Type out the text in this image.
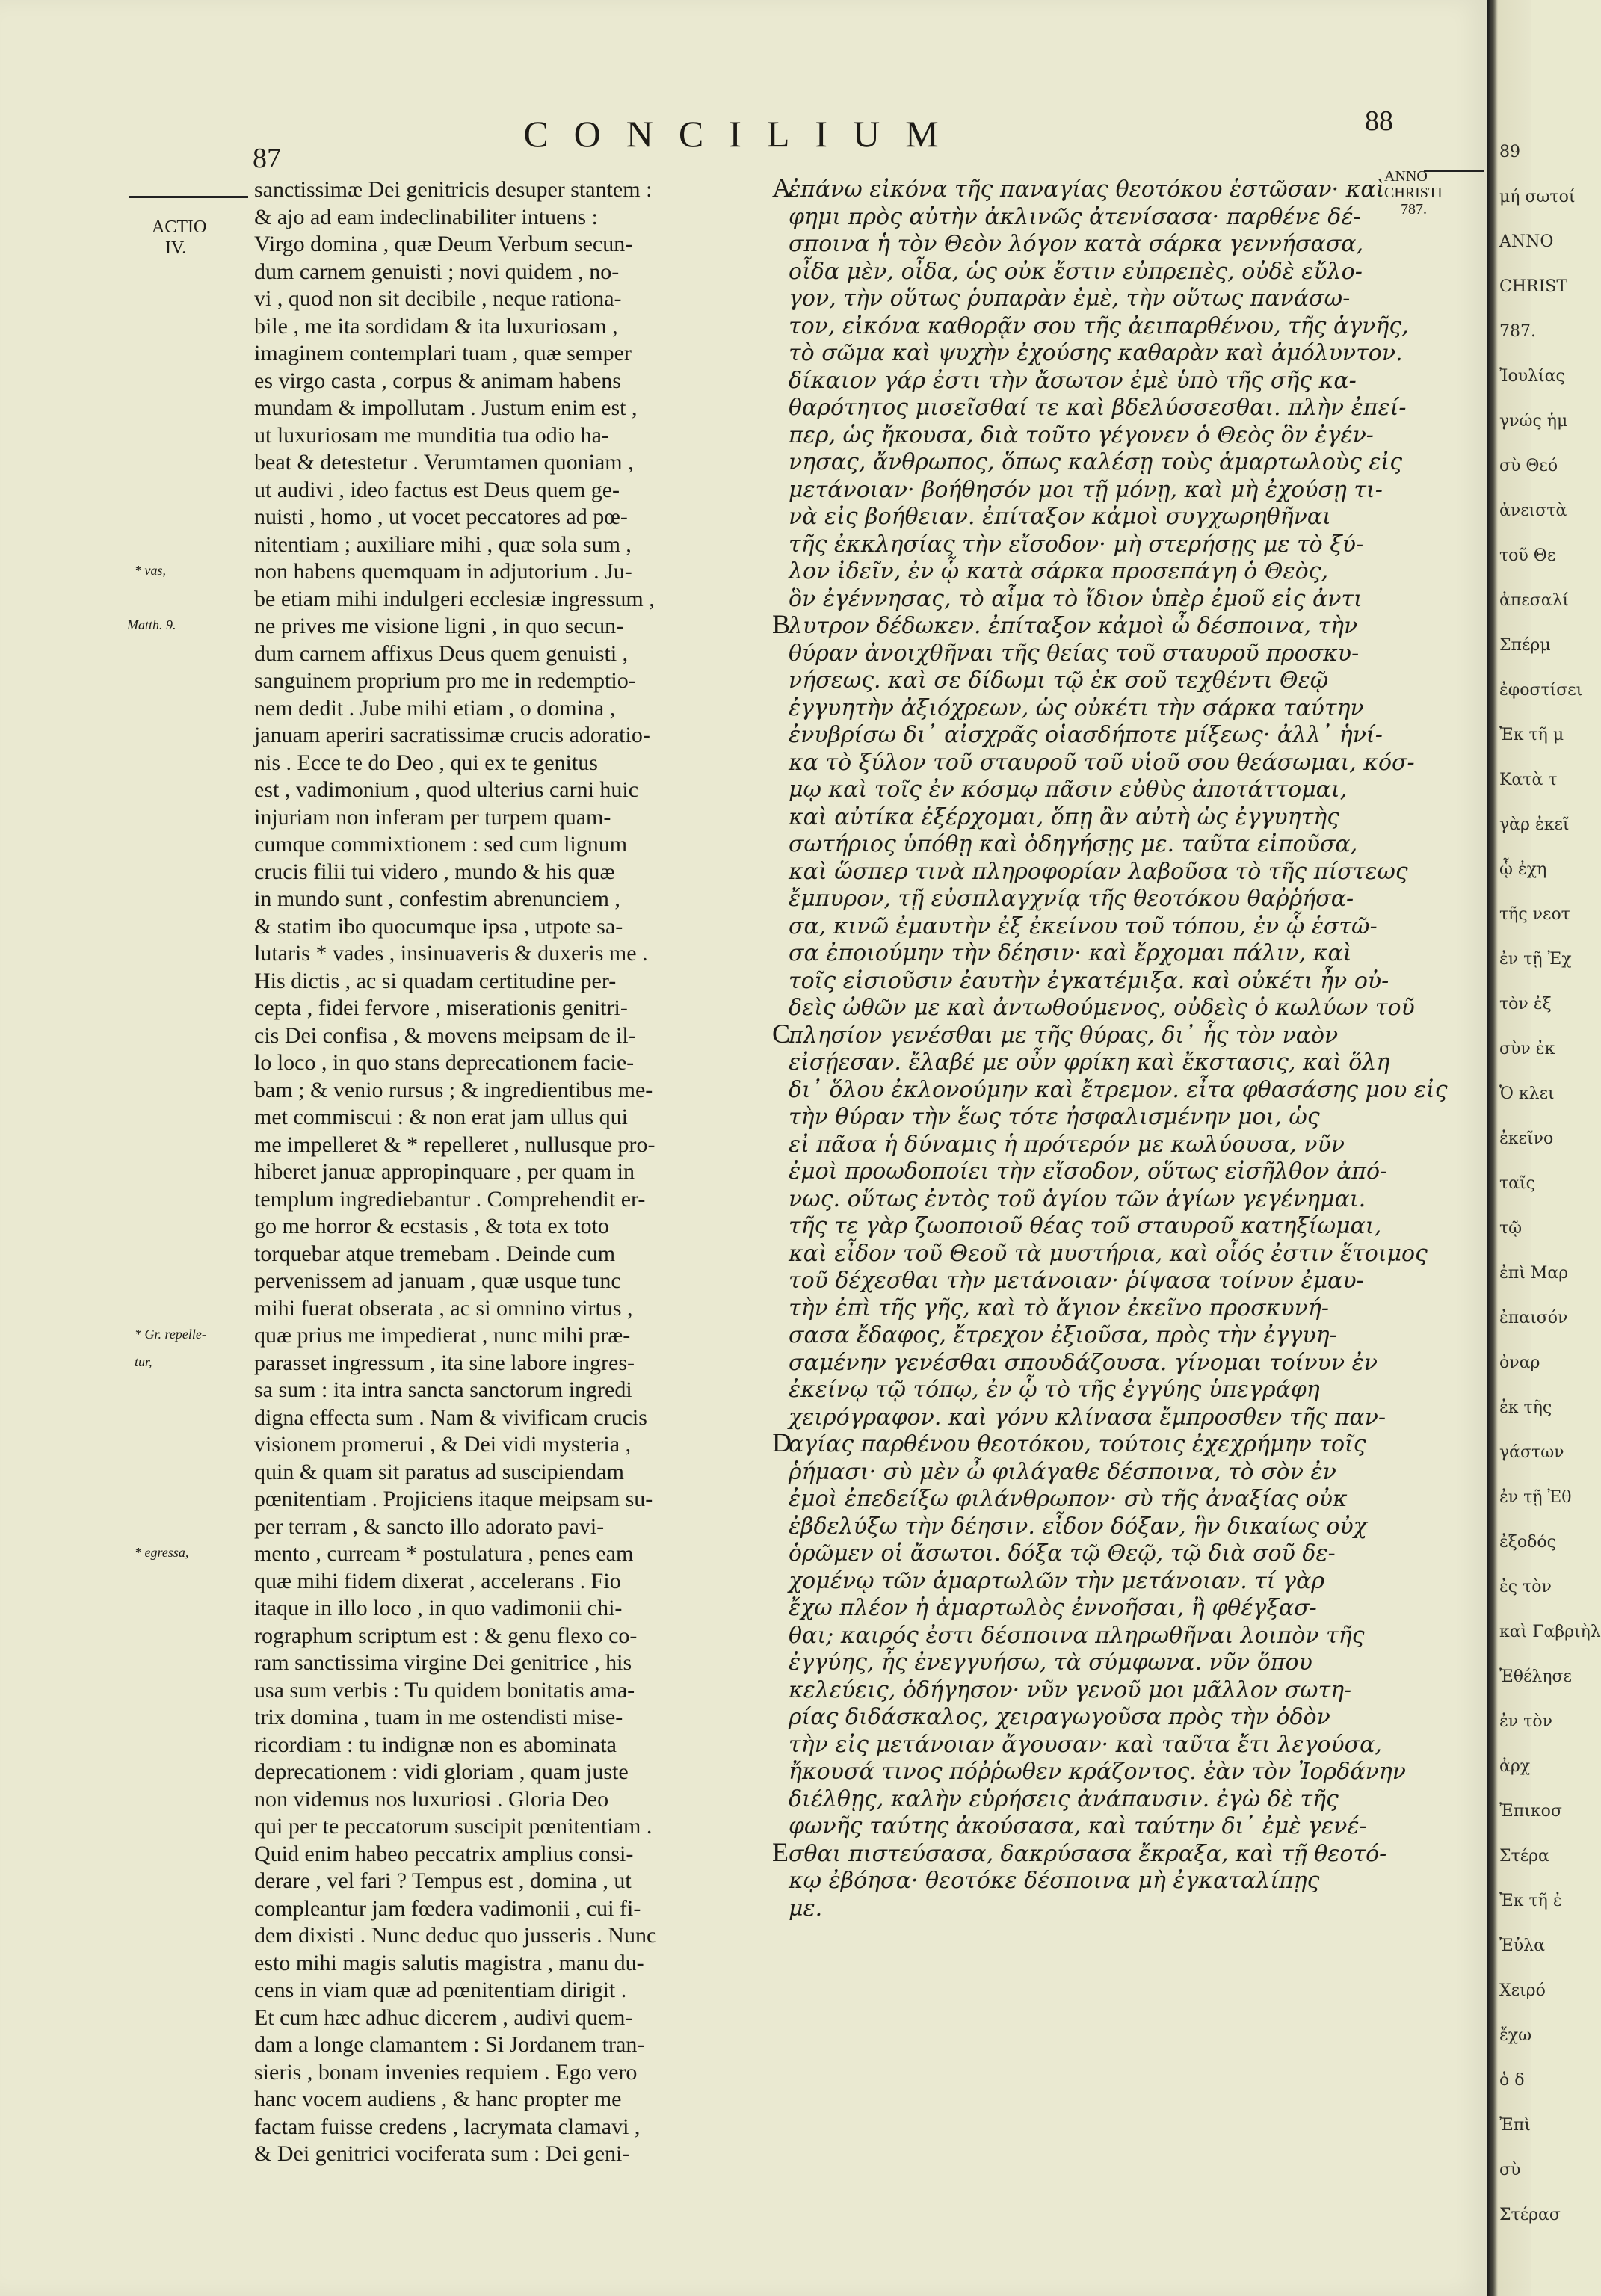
CONCILIUM
87
88
ACTIO
IV.
ANNO
CHRISTI
787.
Matth. 9.
* vas,
* Gr. repelle-
tur,
* egressa,
A
B
C
D
E
sanctissimæ Dei genitricis desuper stantem :
& ajo ad eam indeclinabiliter intuens :
Virgo domina , quæ Deum Verbum secun-
dum carnem genuisti ; novi quidem , no-
vi , quod non sit decibile , neque rationa-
bile , me ita sordidam & ita luxuriosam ,
imaginem contemplari tuam , quæ semper
es virgo casta , corpus & animam habens
mundam & impollutam . Justum enim est ,
ut luxuriosam me munditia tua odio ha-
beat & detestetur . Verumtamen quoniam ,
ut audivi , ideo factus est Deus quem ge-
nuisti , homo , ut vocet peccatores ad pœ-
nitentiam ; auxiliare mihi , quæ sola sum ,
non habens quemquam in adjutorium . Ju-
be etiam mihi indulgeri ecclesiæ ingressum ,
ne prives me visione ligni , in quo secun-
dum carnem affixus Deus quem genuisti ,
sanguinem proprium pro me in redemptio-
nem dedit . Jube mihi etiam , o domina ,
januam aperiri sacratissimæ crucis adoratio-
nis . Ecce te do Deo , qui ex te genitus
est , vadimonium , quod ulterius carni huic
injuriam non inferam per turpem quam-
cumque commixtionem : sed cum lignum
crucis filii tui videro , mundo & his quæ
in mundo sunt , confestim abrenunciem ,
& statim ibo quocumque ipsa , utpote sa-
lutaris * vades , insinuaveris & duxeris me .
His dictis , ac si quadam certitudine per-
cepta , fidei fervore , miserationis genitri-
cis Dei confisa , & movens meipsam de il-
lo loco , in quo stans deprecationem facie-
bam ; & venio rursus ; & ingredientibus me-
met commiscui : & non erat jam ullus qui
me impelleret & * repelleret , nullusque pro-
hiberet januæ appropinquare , per quam in
templum ingrediebantur . Comprehendit er-
go me horror & ecstasis , & tota ex toto
torquebar atque tremebam . Deinde cum
pervenissem ad januam , quæ usque tunc
mihi fuerat obserata , ac si omnino virtus ,
quæ prius me impedierat , nunc mihi præ-
parasset ingressum , ita sine labore ingres-
sa sum : ita intra sancta sanctorum ingredi
digna effecta sum . Nam & vivificam crucis
visionem promerui , & Dei vidi mysteria ,
quin & quam sit paratus ad suscipiendam
pœnitentiam . Projiciens itaque meipsam su-
per terram , & sancto illo adorato pavi-
mento , curream * postulatura , penes eam
quæ mihi fidem dixerat , accelerans . Fio
itaque in illo loco , in quo vadimonii chi-
rographum scriptum est : & genu flexo co-
ram sanctissima virgine Dei genitrice , his
usa sum verbis : Tu quidem bonitatis ama-
trix domina , tuam in me ostendisti mise-
ricordiam : tu indignæ non es abominata
deprecationem : vidi gloriam , quam juste
non videmus nos luxuriosi . Gloria Deo
qui per te peccatorum suscipit pœnitentiam .
Quid enim habeo peccatrix amplius consi-
derare , vel fari ? Tempus est , domina , ut
compleantur jam fœdera vadimonii , cui fi-
dem dixisti . Nunc deduc quo jusseris . Nunc
esto mihi magis salutis magistra , manu du-
cens in viam quæ ad pœnitentiam dirigit .
Et cum hæc adhuc dicerem , audivi quem-
dam a longe clamantem : Si Jordanem tran-
sieris , bonam invenies requiem . Ego vero
hanc vocem audiens , & hanc propter me
factam fuisse credens , lacrymata clamavi ,
& Dei genitrici vociferata sum : Dei geni-
ἐπάνω εἰκόνα τῆς παναγίας θεοτόκου ἑστῶσαν· καὶ
φημι πρὸς αὐτὴν ἀκλινῶς ἀτενίσασα· παρθένε δέ-
σποινα ἡ τὸν Θεὸν λόγον κατὰ σάρκα γεννήσασα,
οἶδα μὲν, οἶδα, ὡς οὐκ ἔστιν εὐπρεπὲς, οὐδὲ εὔλο-
γον, τὴν οὕτως ῥυπαρὰν ἐμὲ, τὴν οὕτως πανάσω-
τον, εἰκόνα καθορᾷν σου τῆς ἀειπαρθένου, τῆς ἁγνῆς,
τὸ σῶμα καὶ ψυχὴν ἐχούσης καθαρὰν καὶ ἀμόλυντον.
δίκαιον γάρ ἐστι τὴν ἄσωτον ἐμὲ ὑπὸ τῆς σῆς κα-
θαρότητος μισεῖσθαί τε καὶ βδελύσσεσθαι. πλὴν ἐπεί-
περ, ὡς ἤκουσα, διὰ τοῦτο γέγονεν ὁ Θεὸς ὃν ἐγέν-
νησας, ἄνθρωπος, ὅπως καλέσῃ τοὺς ἁμαρτωλοὺς εἰς
μετάνοιαν· βοήθησόν μοι τῇ μόνῃ, καὶ μὴ ἐχούσῃ τι-
νὰ εἰς βοήθειαν. ἐπίταξον κἀμοὶ συγχωρηθῆναι
τῆς ἐκκλησίας τὴν εἴσοδον· μὴ στερήσῃς με τὸ ξύ-
λον ἰδεῖν, ἐν ᾧ κατὰ σάρκα προσεπάγη ὁ Θεὸς,
ὃν ἐγέννησας, τὸ αἷμα τὸ ἴδιον ὑπὲρ ἐμοῦ εἰς ἀντι
λυτρον δέδωκεν. ἐπίταξον κἀμοὶ ὦ δέσποινα, τὴν
θύραν ἀνοιχθῆναι τῆς θείας τοῦ σταυροῦ προσκυ-
νήσεως. καὶ σε δίδωμι τῷ ἐκ σοῦ τεχθέντι Θεῷ
ἐγγυητὴν ἀξιόχρεων, ὡς οὐκέτι τὴν σάρκα ταύτην
ἐνυβρίσω δι᾽ αἰσχρᾶς οἱασδήποτε μίξεως· ἀλλ᾽ ἡνί-
κα τὸ ξύλον τοῦ σταυροῦ τοῦ υἱοῦ σου θεάσωμαι, κόσ-
μῳ καὶ τοῖς ἐν κόσμῳ πᾶσιν εὐθὺς ἀποτάττομαι,
καὶ αὐτίκα ἐξέρχομαι, ὅπῃ ἂν αὐτὴ ὡς ἐγγυητὴς
σωτήριος ὑπόθῃ καὶ ὁδηγήσῃς με. ταῦτα εἰποῦσα,
καὶ ὥσπερ τινὰ πληροφορίαν λαβοῦσα τὸ τῆς πίστεως
ἔμπυρον, τῇ εὐσπλαγχνίᾳ τῆς θεοτόκου θαῤῥήσα-
σα, κινῶ ἐμαυτὴν ἐξ ἐκείνου τοῦ τόπου, ἐν ᾧ ἑστῶ-
σα ἐποιούμην τὴν δέησιν· καὶ ἔρχομαι πάλιν, καὶ
τοῖς εἰσιοῦσιν ἐαυτὴν ἐγκατέμιξα. καὶ οὐκέτι ἦν οὐ-
δεὶς ὠθῶν με καὶ ἀντωθούμενος, οὐδεὶς ὁ κωλύων τοῦ
πλησίον γενέσθαι με τῆς θύρας, δι᾽ ἧς τὸν ναὸν
εἰσῄεσαν. ἔλαβέ με οὖν φρίκη καὶ ἔκστασις, καὶ ὅλη
δι᾽ ὅλου ἐκλονούμην καὶ ἔτρεμον. εἶτα φθασάσης μου εἰς
τὴν θύραν τὴν ἕως τότε ἠσφαλισμένην μοι, ὡς
εἰ πᾶσα ἡ δύναμις ἡ πρότερόν με κωλύουσα, νῦν
ἐμοὶ προωδοποίει τὴν εἴσοδον, οὕτως εἰσῆλθον ἀπό-
νως. οὕτως ἐντὸς τοῦ ἁγίου τῶν ἁγίων γεγένημαι.
τῆς τε γὰρ ζωοποιοῦ θέας τοῦ σταυροῦ κατηξίωμαι,
καὶ εἶδον τοῦ Θεοῦ τὰ μυστήρια, καὶ οἷός ἐστιν ἕτοιμος
τοῦ δέχεσθαι τὴν μετάνοιαν· ῥίψασα τοίνυν ἐμαυ-
τὴν ἐπὶ τῆς γῆς, καὶ τὸ ἅγιον ἐκεῖνο προσκυνή-
σασα ἔδαφος, ἔτρεχον ἐξιοῦσα, πρὸς τὴν ἐγγυη-
σαμένην γενέσθαι σπουδάζουσα. γίνομαι τοίνυν ἐν
ἐκείνῳ τῷ τόπῳ, ἐν ᾧ τὸ τῆς ἐγγύης ὑπεγράφη
χειρόγραφον. καὶ γόνυ κλίνασα ἔμπροσθεν τῆς παν-
αγίας παρθένου θεοτόκου, τούτοις ἐχεχρήμην τοῖς
ῥήμασι· σὺ μὲν ὦ φιλάγαθε δέσποινα, τὸ σὸν ἐν
ἐμοὶ ἐπεδείξω φιλάνθρωπον· σὺ τῆς ἀναξίας οὐκ
ἐβδελύξω τὴν δέησιν. εἶδον δόξαν, ἣν δικαίως οὐχ
ὁρῶμεν οἱ ἄσωτοι. δόξα τῷ Θεῷ, τῷ διὰ σοῦ δε-
χομένῳ τῶν ἁμαρτωλῶν τὴν μετάνοιαν. τί γὰρ
ἔχω πλέον ἡ ἁμαρτωλὸς ἐννοῆσαι, ἢ φθέγξασ-
θαι; καιρός ἐστι δέσποινα πληρωθῆναι λοιπὸν τῆς
ἐγγύης, ἧς ἐνεγγυήσω, τὰ σύμφωνα. νῦν ὅπου
κελεύεις, ὁδήγησον· νῦν γενοῦ μοι μᾶλλον σωτη-
ρίας διδάσκαλος, χειραγωγοῦσα πρὸς τὴν ὁδὸν
τὴν εἰς μετάνοιαν ἄγουσαν· καὶ ταῦτα ἔτι λεγούσα,
ἤκουσά τινος πόῤῥωθεν κράζοντος. ἐὰν τὸν Ἰορδάνην
διέλθῃς, καλὴν εὑρήσεις ἀνάπαυσιν. ἐγὼ δὲ τῆς
φωνῆς ταύτης ἀκούσασα, καὶ ταύτην δι᾽ ἐμὲ γενέ-
σθαι πιστεύσασα, δακρύσασα ἔκραξα, καὶ τῇ θεοτό-
κῳ ἐβόησα· θεοτόκε δέσποινα μὴ ἐγκαταλίπῃς
με.
89
μή σωτοί
ANNO
CHRIST
787.
Ἰουλίας
γνώς ἡμ
σὺ Θεό
ἀνειστὰ
τοῦ Θε
ἀπεσαλί
Σπέρμ
ἐφοστίσει
Ἐκ τῆ μ
Κατὰ τ
γὰρ ἐκεῖ
ᾧ ἐχη
τῆς νεοτ
ἐν τῇ Ἐχ
τὸν ἐξ
σὺν ἐκ
Ὁ κλει
ἐκεῖνο
ταῖς
τῷ
ἐπὶ Μαρ
ἐπαισόν
ὀναρ
ἐκ τῆς
γάστων
ἐν τῇ Ἐθ
ἐξοδός
ἐς τὸν
καὶ Γαβριὴλ
Ἐθέλησε
ἐν τὸν
ἀρχ
Ἐπικοσ
Στέρα
Ἐκ τῆ ἐ
Ἐὐλα
Χειρό
ἔχω
ὁ δ
Ἐπὶ
σὺ
Στέρασ
